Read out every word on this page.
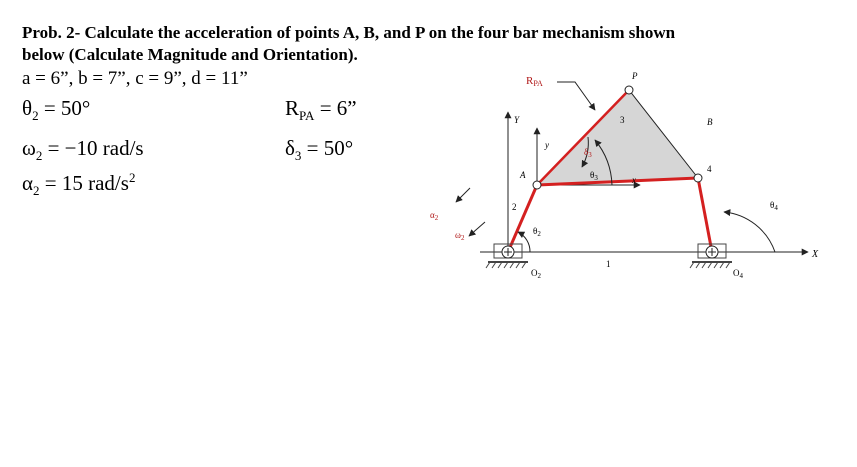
Prob. 2- Calculate the acceleration of points A, B, and P on the four bar mechanism shown
below (Calculate Magnitude and Orientation).
a = 6”, b = 7”, c = 9”, d = 11”
$\theta_2 = 50^\circ$
$\omega_2 = -10$ rad/s
$\alpha_2 = 15$ rad/$s^2$
$R_{PA} = 6$”
$\delta_3 = 50^\circ$
RPA
P
3	B
Y
y
$\delta_3$
A	$\theta_3$	x
4
$\theta_4$
2
$\theta_2$
$\alpha_2$
$\omega_2$
1
$O_2$	$O_4$
X
